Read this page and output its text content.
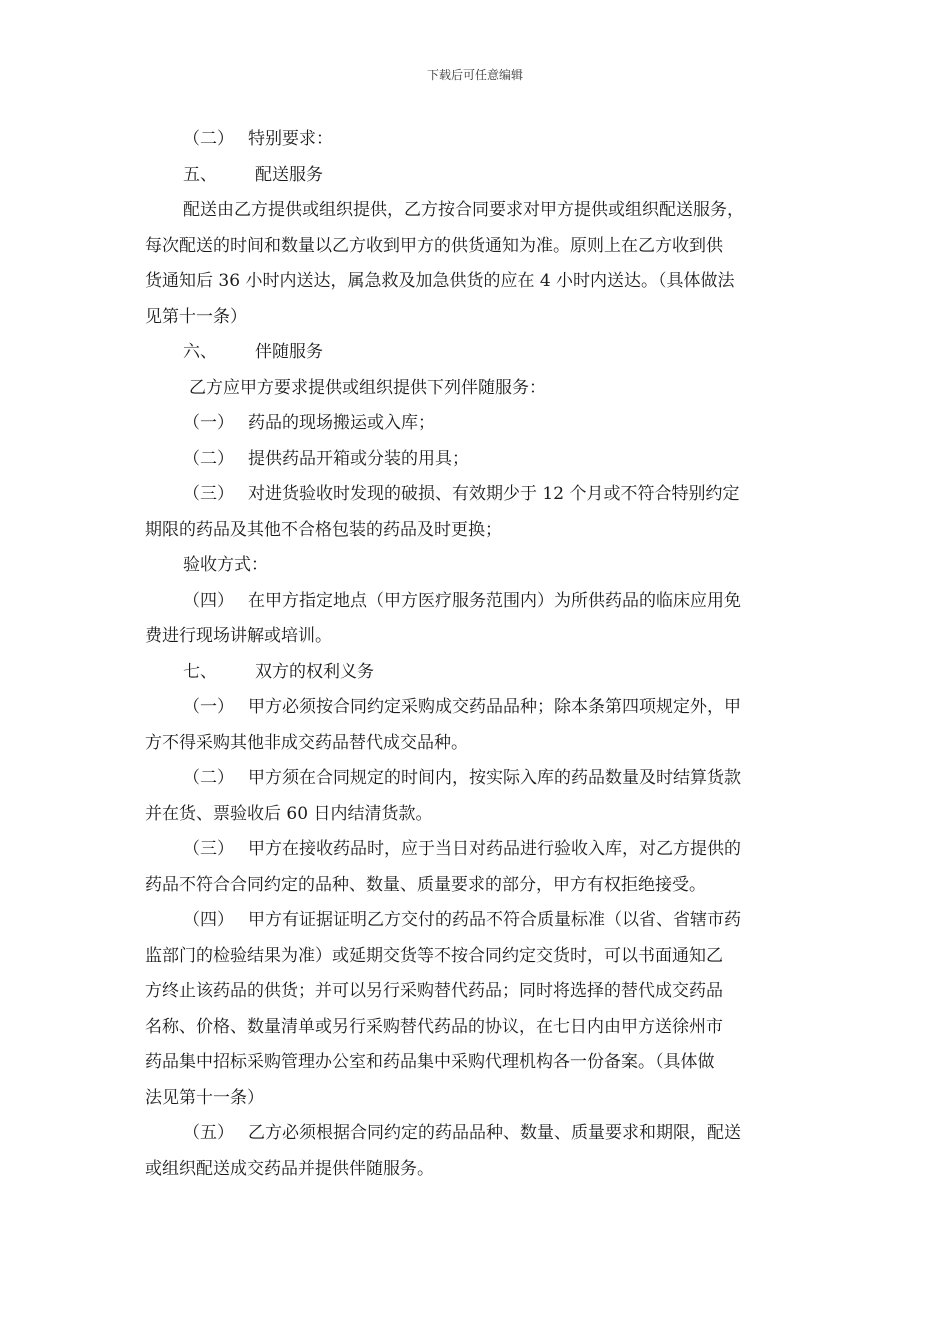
下载后可任意编辑
（二） 特别要求：
五、 配送服务
配送由乙方提供或组织提供，乙方按合同要求对甲方提供或组织配送服务，
每次配送的时间和数量以乙方收到甲方的供货通知为准。原则上在乙方收到供
货通知后 36 小时内送达，属急救及加急供货的应在 4 小时内送达。（具体做法
见第十一条）
六、 伴随服务
乙方应甲方要求提供或组织提供下列伴随服务：
（一） 药品的现场搬运或入库；
（二） 提供药品开箱或分装的用具；
（三） 对进货验收时发现的破损、有效期少于 12 个月或不符合特别约定
期限的药品及其他不合格包装的药品及时更换；
验收方式：
（四） 在甲方指定地点（甲方医疗服务范围内）为所供药品的临床应用免
费进行现场讲解或培训。
七、 双方的权利义务
（一） 甲方必须按合同约定采购成交药品品种；除本条第四项规定外，甲
方不得采购其他非成交药品替代成交品种。
（二） 甲方须在合同规定的时间内，按实际入库的药品数量及时结算货款
并在货、票验收后 60 日内结清货款。
（三） 甲方在接收药品时，应于当日对药品进行验收入库，对乙方提供的
药品不符合合同约定的品种、数量、质量要求的部分，甲方有权拒绝接受。
（四） 甲方有证据证明乙方交付的药品不符合质量标准（以省、省辖市药
监部门的检验结果为准）或延期交货等不按合同约定交货时，可以书面通知乙
方终止该药品的供货；并可以另行采购替代药品；同时将选择的替代成交药品
名称、价格、数量清单或另行采购替代药品的协议，在七日内由甲方送徐州市
药品集中招标采购管理办公室和药品集中采购代理机构各一份备案。（具体做
法见第十一条）
（五） 乙方必须根据合同约定的药品品种、数量、质量要求和期限，配送
或组织配送成交药品并提供伴随服务。
